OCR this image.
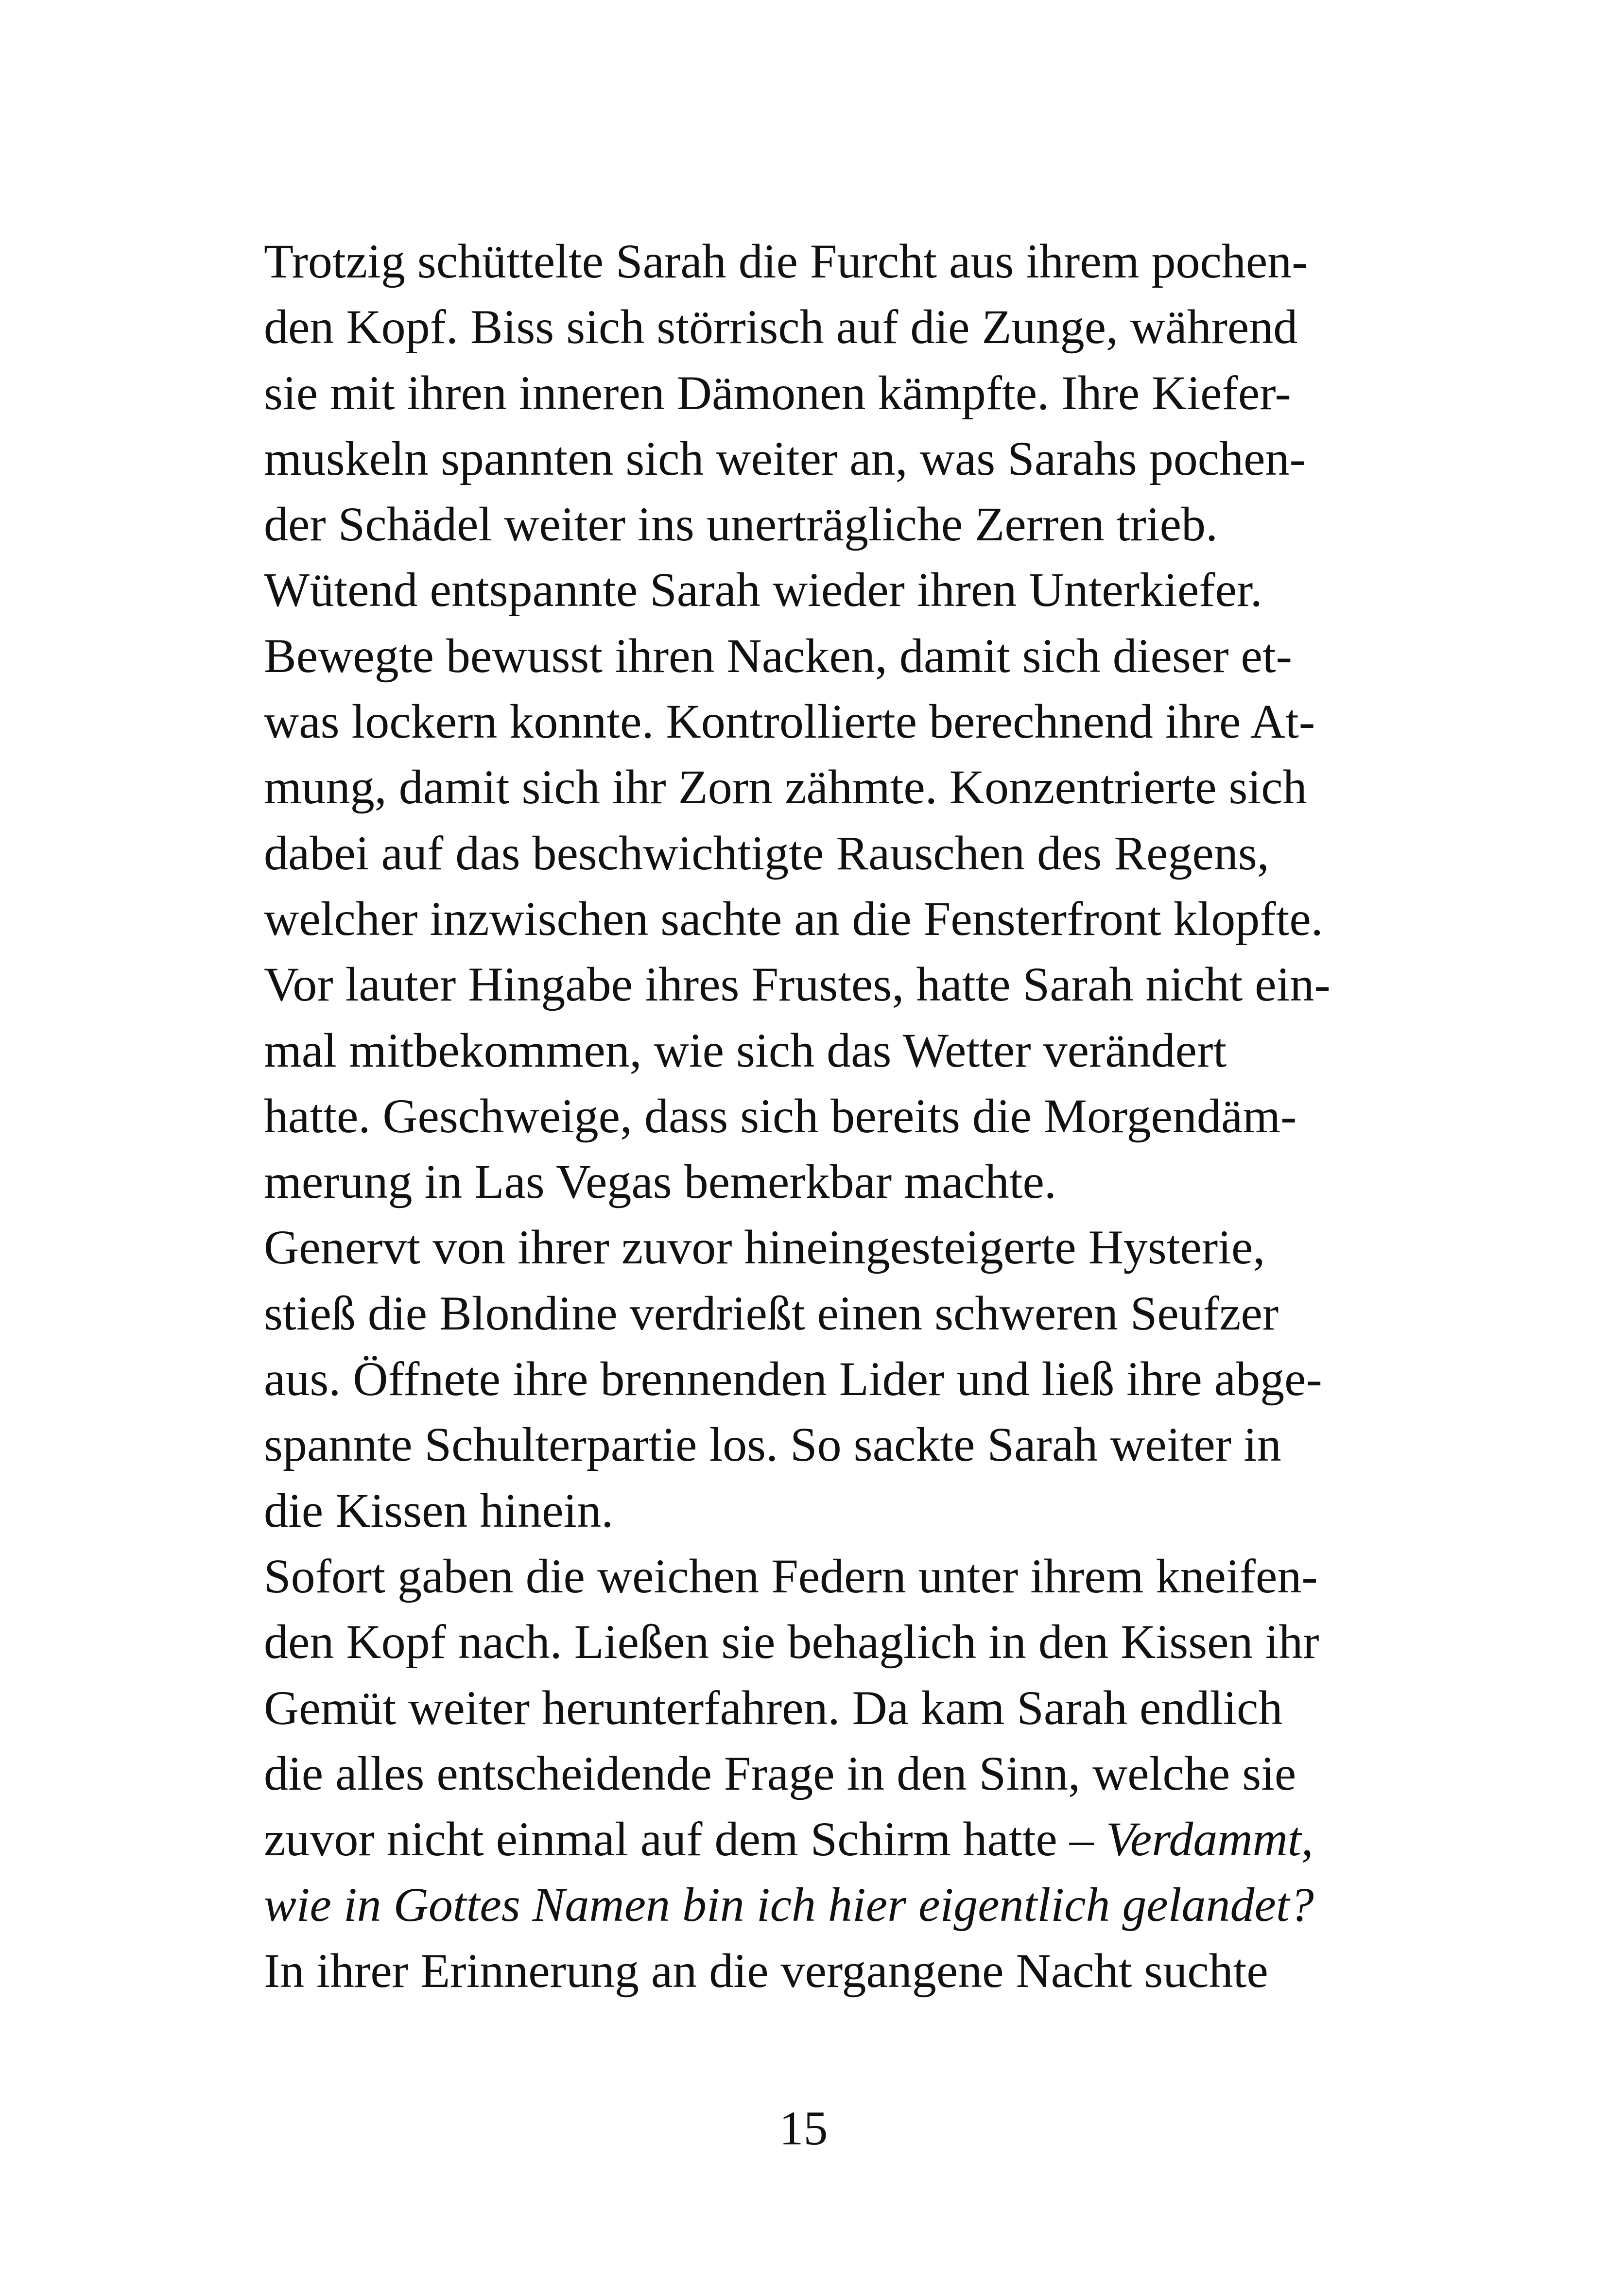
Trotzig schüttelte Sarah die Furcht aus ihrem pochen-
den Kopf. Biss sich störrisch auf die Zunge, während
sie mit ihren inneren Dämonen kämpfte. Ihre Kiefer-
muskeln spannten sich weiter an, was Sarahs pochen-
der Schädel weiter ins unerträgliche Zerren trieb.
Wütend entspannte Sarah wieder ihren Unterkiefer.
Bewegte bewusst ihren Nacken, damit sich dieser et-
was lockern konnte. Kontrollierte berechnend ihre At-
mung, damit sich ihr Zorn zähmte. Konzentrierte sich
dabei auf das beschwichtigte Rauschen des Regens,
welcher inzwischen sachte an die Fensterfront klopfte.
Vor lauter Hingabe ihres Frustes, hatte Sarah nicht ein-
mal mitbekommen, wie sich das Wetter verändert
hatte. Geschweige, dass sich bereits die Morgendäm-
merung in Las Vegas bemerkbar machte.
Genervt von ihrer zuvor hineingesteigerte Hysterie,
stieß die Blondine verdrießt einen schweren Seufzer
aus. Öffnete ihre brennenden Lider und ließ ihre abge-
spannte Schulterpartie los. So sackte Sarah weiter in
die Kissen hinein.
Sofort gaben die weichen Federn unter ihrem kneifen-
den Kopf nach. Ließen sie behaglich in den Kissen ihr
Gemüt weiter herunterfahren. Da kam Sarah endlich
die alles entscheidende Frage in den Sinn, welche sie
zuvor nicht einmal auf dem Schirm hatte – Verdammt,
wie in Gottes Namen bin ich hier eigentlich gelandet?
In ihrer Erinnerung an die vergangene Nacht suchte
15
